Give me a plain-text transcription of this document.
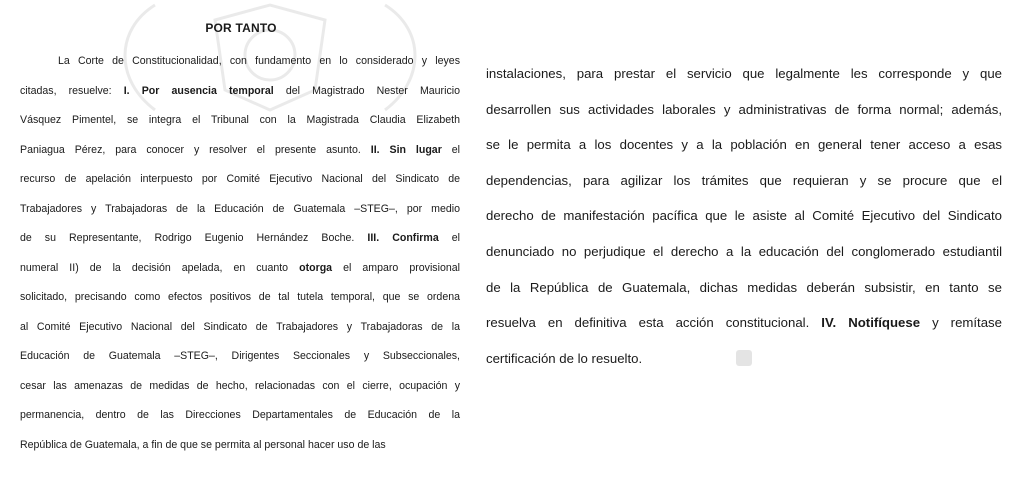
POR TANTO
La Corte de Constitucionalidad, con fundamento en lo considerado y leyes
citadas, resuelve: I. Por ausencia temporal del Magistrado Nester Mauricio
Vásquez Pimentel, se integra el Tribunal con la Magistrada Claudia Elizabeth
Paniagua Pérez, para conocer y resolver el presente asunto. II. Sin lugar el
recurso de apelación interpuesto por Comité Ejecutivo Nacional del Sindicato de
Trabajadores y Trabajadoras de la Educación de Guatemala –STEG–, por medio
de su Representante, Rodrigo Eugenio Hernández Boche. III. Confirma el
numeral II) de la decisión apelada, en cuanto otorga el amparo provisional
solicitado, precisando como efectos positivos de tal tutela temporal, que se ordena
al Comité Ejecutivo Nacional del Sindicato de Trabajadores y Trabajadoras de la
Educación de Guatemala –STEG–, Dirigentes Seccionales y Subseccionales,
cesar las amenazas de medidas de hecho, relacionadas con el cierre, ocupación y
permanencia, dentro de las Direcciones Departamentales de Educación de la
República de Guatemala, a fin de que se permita al personal hacer uso de las
instalaciones, para prestar el servicio que legalmente les corresponde y que
desarrollen sus actividades laborales y administrativas de forma normal; además,
se le permita a los docentes y a la población en general tener acceso a esas
dependencias, para agilizar los trámites que requieran y se procure que el
derecho de manifestación pacífica que le asiste al Comité Ejecutivo del Sindicato
denunciado no perjudique el derecho a la educación del conglomerado estudiantil
de la República de Guatemala, dichas medidas deberán subsistir, en tanto se
resuelva en definitiva esta acción constitucional. IV. Notifíquese y remítase
certificación de lo resuelto.
